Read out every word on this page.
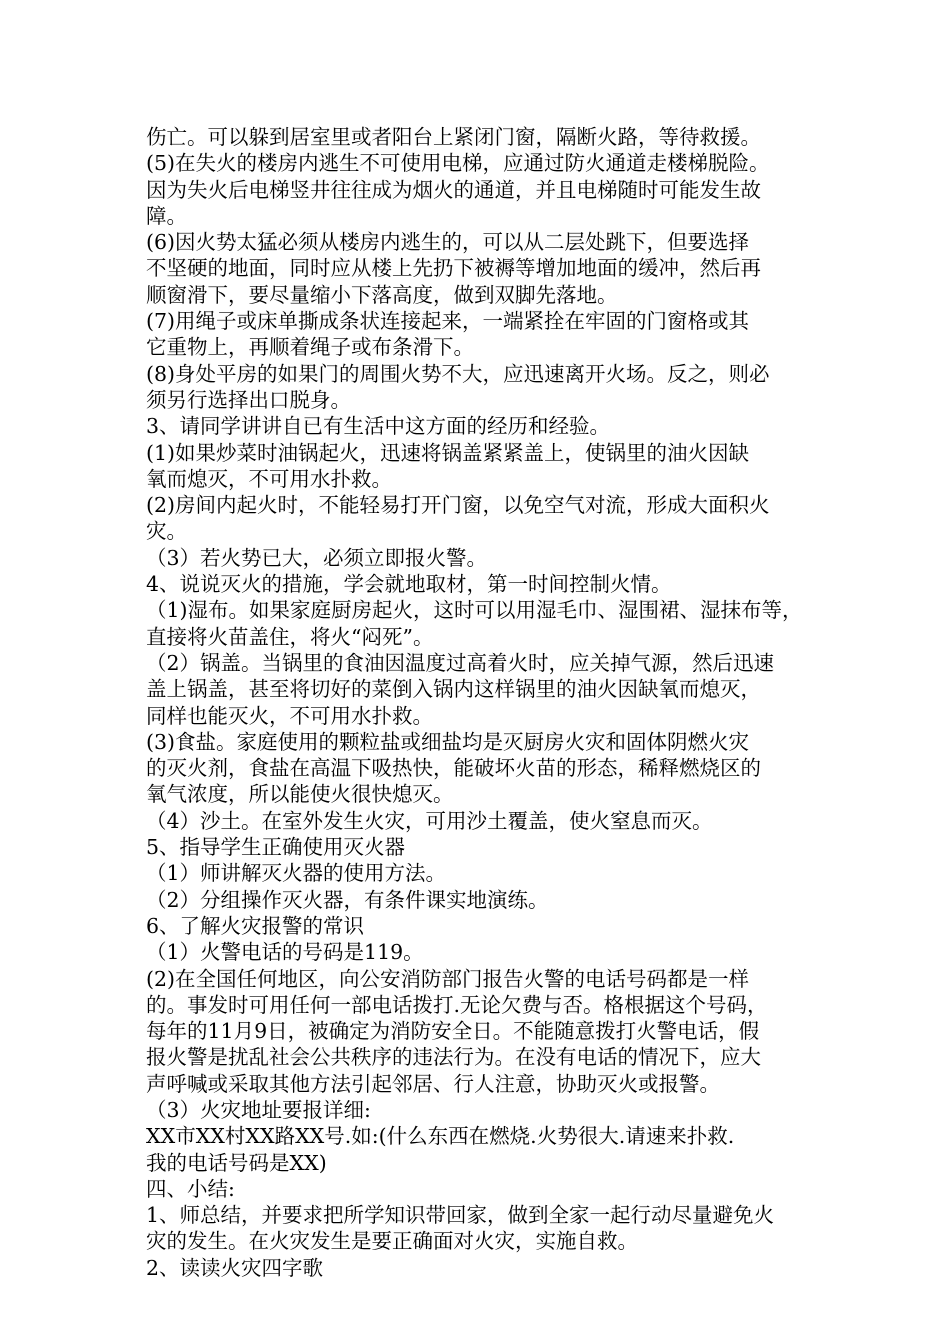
伤亡。可以躲到居室里或者阳台上紧闭门窗，隔断火路，等待救援。
(5)在失火的楼房内逃生不可使用电梯，应通过防火通道走楼梯脱险。
因为失火后电梯竖井往往成为烟火的通道，并且电梯随时可能发生故
障。
(6)因火势太猛必须从楼房内逃生的，可以从二层处跳下，但要选择
不坚硬的地面，同时应从楼上先扔下被褥等增加地面的缓冲，然后再
顺窗滑下，要尽量缩小下落高度，做到双脚先落地。
(7)用绳子或床单撕成条状连接起来，一端紧拴在牢固的门窗格或其
它重物上，再顺着绳子或布条滑下。
(8)身处平房的如果门的周围火势不大，应迅速离开火场。反之，则必
须另行选择出口脱身。
3、请同学讲讲自已有生活中这方面的经历和经验。
(1)如果炒菜时油锅起火，迅速将锅盖紧紧盖上，使锅里的油火因缺
氧而熄灭，不可用水扑救。
(2)房间内起火时，不能轻易打开门窗，以免空气对流，形成大面积火
灾。
（3）若火势已大，必须立即报火警。
4、说说灭火的措施，学会就地取材，第一时间控制火情。
（1)湿布。如果家庭厨房起火，这时可以用湿毛巾、湿围裙、湿抹布等，
直接将火苗盖住，将火“闷死”。
（2）锅盖。当锅里的食油因温度过高着火时，应关掉气源，然后迅速
盖上锅盖，甚至将切好的菜倒入锅内这样锅里的油火因缺氧而熄灭，
同样也能灭火，不可用水扑救。
(3)食盐。家庭使用的颗粒盐或细盐均是灭厨房火灾和固体阴燃火灾
的灭火剂，食盐在高温下吸热快，能破坏火苗的形态，稀释燃烧区的
氧气浓度，所以能使火很快熄灭。
（4）沙土。在室外发生火灾，可用沙土覆盖，使火窒息而灭。
5、指导学生正确使用灭火器
（1）师讲解灭火器的使用方法。
（2）分组操作灭火器，有条件课实地演练。
6、了解火灾报警的常识
（1）火警电话的号码是119。
(2)在全国任何地区，向公安消防部门报告火警的电话号码都是一样
的。事发时可用任何一部电话拨打.无论欠费与否。格根据这个号码，
每年的11月9日，被确定为消防安全日。不能随意拨打火警电话，假
报火警是扰乱社会公共秩序的违法行为。在没有电话的情况下，应大
声呼喊或采取其他方法引起邻居、行人注意，协助灭火或报警。
（3）火灾地址要报详细:
XX市XX村XX路XX号.如:(什么东西在燃烧.火势很大.请速来扑救.
我的电话号码是XX)
四、小结:
1、师总结，并要求把所学知识带回家，做到全家一起行动尽量避免火
灾的发生。在火灾发生是要正确面对火灾，实施自救。
2、读读火灾四字歌
